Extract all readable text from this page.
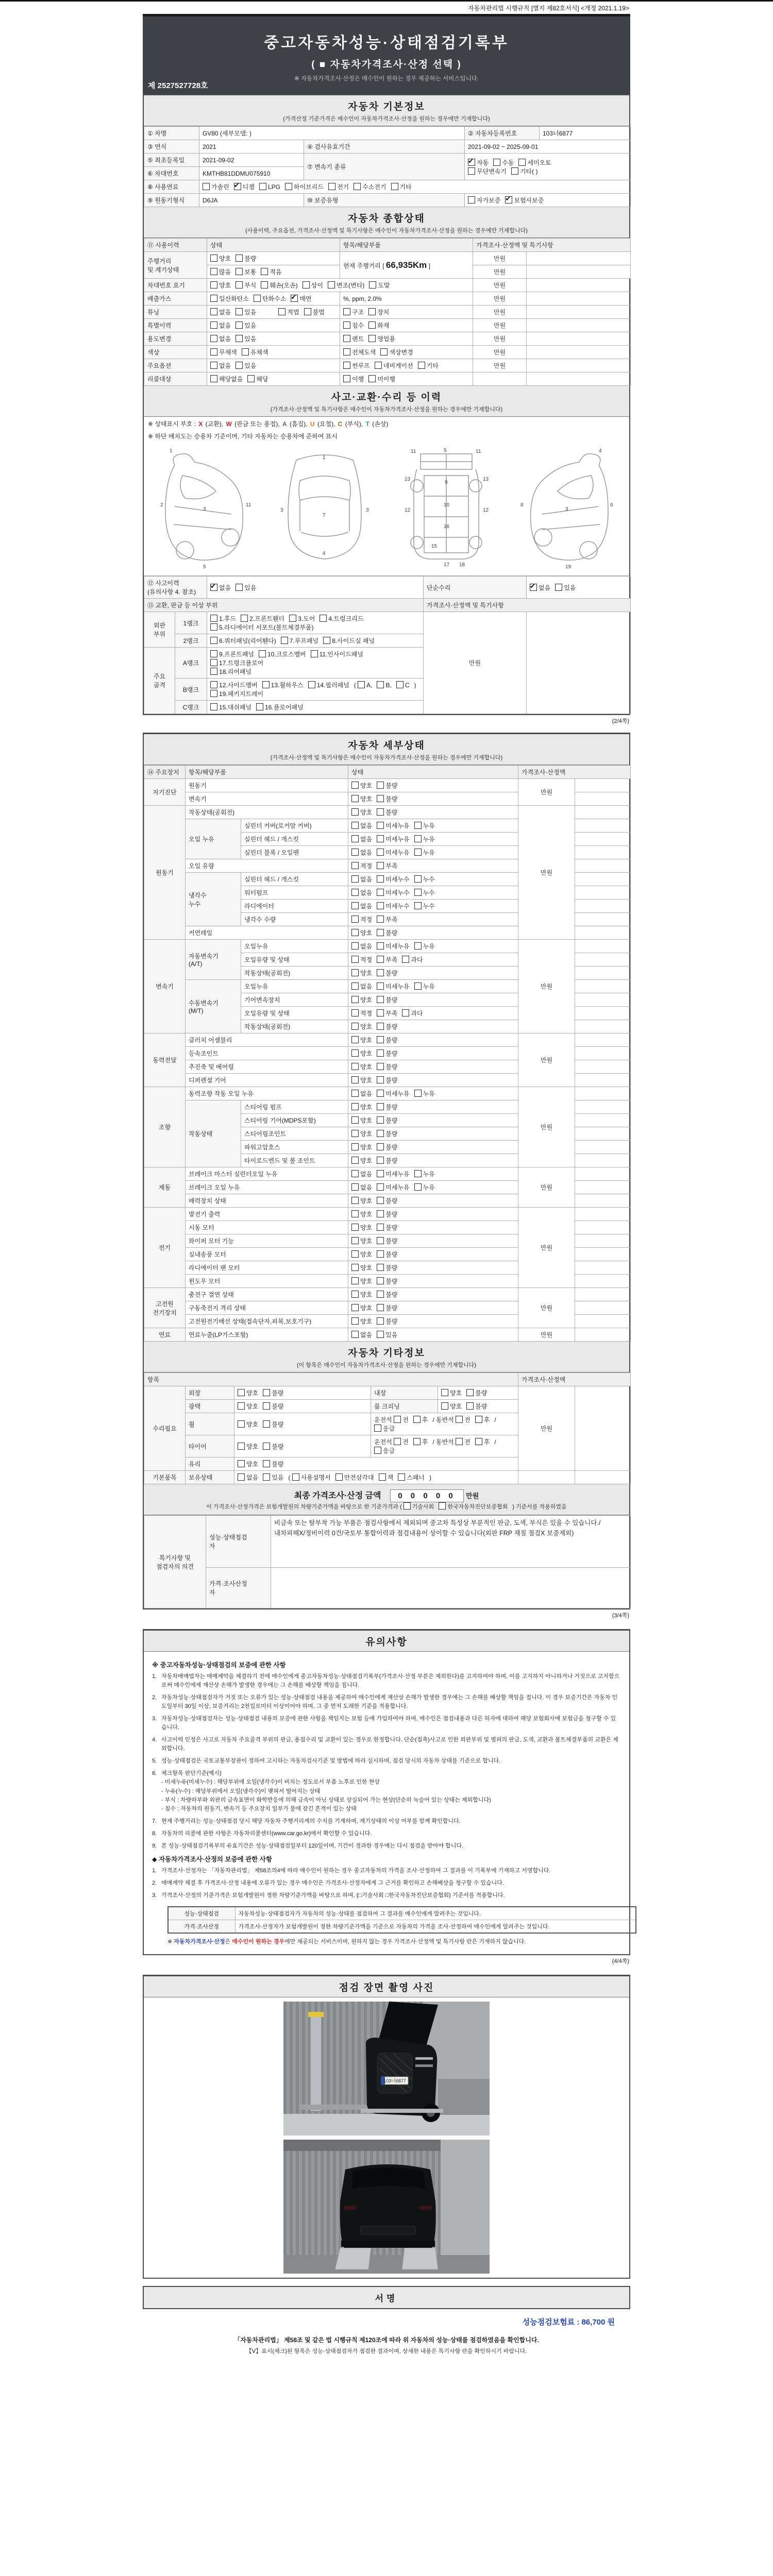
자동차관리법 시행규칙 [별지 제82호서식] <개정 2021.1.19>
중고자동차성능·상태점검기록부
( ■ 자동차가격조사·산정 선택 )
※ 자동차가격조사·산정은 매수인이 원하는 경우 제공하는 서비스입니다.
제 2527527728호
자동차 기본정보
(가격산정 기준가격은 매수인이 자동차가격조사·산정을 원하는 경우에만 기재합니다)
① 차명	GV80 (세부모델: )		② 자동차등록번호	103너6877
③ 연식	2021	④ 검사유효기간	2021-09-02 ~ 2025-09-01	
⑤ 최초등록일	2021-09-02	⑦ 변속기 종류	✔자동 수동 세미오토
무단변속기 기타( )
⑥ 차대번호	KMTHB81DDMU075910			
⑧ 사용연료	가솔린 ✔ 디젤 LPG 하이브리드 전기 수소전기 기타
⑨ 원동기형식	D6JA	⑩ 보증유형	자가보증 ✔ 보험사보증
자동차 종합상태
(사용이력, 주요옵션, 가격조사·산정액 및 특기사항은 매수인이 자동차가격조사·산정을 원하는 경우에만 기재합니다)
⑪ 사용이력	상태	항목/해당부품	가격조사·산정액 및 특기사항	
주행거리
및 계기상태	양호 불량	현재 주행거리 [ 66,935Km ]	만원	
	많음 보통 적음		만원	
차대번호 표기	양호 부식 훼손(오손) 상이 변조(변타) 도말		만원	
배출가스	일산화탄소 탄화수소 ✔ 매연	%, ppm, 2.0%	만원	
튜닝	없음 있음 적법 불법	구조 장치	만원	
특별이력	없음 있음	침수 화재	만원	
용도변경	없음 있음	렌트 영업용	만원	
색상	무채색 유채색	전체도색 색상변경	만원	
주요옵션	없음 있음	썬루프 네비게이션 기타	만원	
리콜대상	해당없음 해당	이행 미이행		
사고·교환·수리 등 이력
(가격조사·산정액 및 특기사항은 매수인이 자동차가격조사·산정을 원하는 경우에만 기재합니다)
※ 상태표시 부호 : X (교환), W (판금 또는 용접), A (흠집), U (요철), C (부식), T (손상)
※ 하단 배치도는 승용차 기준이며, 기타 자동차는 승용차에 준하여 표시
1
2
3
11
5
7
1
4
3	3
11	11
5
9
10
12	12
13	13
16
15
17 18
4
6
3
8
19
⑫ 사고이력 (유의사항 4. 참조)	✔없음 있음	단순수리	✔없음 있음
⑬ 교환, 판금 등 이상 부위			가격조사·산정액 및 특기사항	
외판
부위	1랭크	1.후드 2.프론트휀더 3.도어 4.트렁크리드
5.라디에이터 서포트(볼트체결부품)	만원	
	2랭크	6.쿼터패널(리어휀다) 7.루프패널 8.사이드실 패널		
주요
골격	A랭크	9.프론트패널 10.크로스멤버 11.인사이드패널17.트렁크플로어
18.리어패널		
	B랭크	12.사이드멤버 13.휠하우스 14.필러패널 ( A, B, C )
19.패키지트레이		
	C랭크	15.대쉬패널 16.플로어패널		
(2/4쪽)
자동차 세부상태
(가격조사·산정액 및 특기사항은 매수인이 자동차가격조사·산정을 원하는 경우에만 기재합니다)
⑭ 주요장치	항목/해당부품		상태	가격조사·산정액	
자기진단	원동기		양호 불량	만원	
	변속기		양호 불량		
원동기	작동상태(공회전)		양호 불량	만원	
	오일 누유	실린더 커버(로커암 커버)	없음 미세누유 누유		
		실린더 헤드 / 개스킷	없음 미세누유 누유		
		실린더 블록 / 오일팬	없음 미세누유 누유		
	오일 유량		적정 부족		
	냉각수
누수	실린더 헤드 / 개스킷	없음 미세누수 누수		
		워터펌프	없음 미세누수 누수		
		라디에이터	없음 미세누수 누수		
		냉각수 수량	적정 부족		
	커먼레일		양호 불량		
변속기	자동변속기
(A/T)	오일누유	없음 미세누유 누유	만원	
		오일유량 및 상태	적정 부족 과다		
		작동상태(공회전)	양호 불량		
	수동변속기
(M/T)	오일누유	없음 미세누유 누유		
		기어변속장치	양호 불량		
		오일유량 및 상태	적정 부족 과다		
		작동상태(공회전)	양호 불량		
동력전달	클러치 어셈블리		양호 불량	만원	
	등속조인트		양호 불량		
	추진축 및 베어링		양호 불량		
	디퍼렌셜 기어		양호 불량		
조향	동력조향 작동 오일 누유		없음 미세누유 누유	만원	
	작동상태	스티어링 펌프	양호 불량		
		스티어링 기어(MDPS포함)	양호 불량		
		스티어링조인트	양호 불량		
		파워고압호스	양호 불량		
		타이로드엔드 및 볼 조인트	양호 불량		
제동	브레이크 마스터 실린더오일 누유		없음 미세누유 누유	만원	
	브레이크 오일 누유		없음 미세누유 누유		
	배력장치 상태		양호 불량		
전기	발전기 출력		양호 불량	만원	
	시동 모터		양호 불량		
	와이퍼 모터 기능		양호 불량		
	실내송풍 모터		양호 불량		
	라디에이터 팬 모터		양호 불량		
	윈도우 모터		양호 불량		
고전원
전기장치	충전구 절연 상태		양호 불량	만원	
	구동축전지 격리 상태		양호 불량		
	고전원전기배선 상태(접속단자,피복,보호기구)		양호 불량		
연료	연료누출(LP가스포함)		없음 있음	만원	
자동차 기타정보
(이 항목은 매수인이 자동차가격조사·산정을 원하는 경우에만 기재합니다)
항목					가격조사·산정액	
수리필요	외장	양호 불량	내장	양호 불량	만원	
	광택	양호 불량	룸 크리닝	양호 불량		
	휠	양호 불량	운전석 전 후 / 동반석 전 후 / 응급			
	타이어	양호 불량	운전석 전 후 / 동반석 전 후 / 응급			
	유리	양호 불량				
기본품목	보유상태	없음 있음 ( 사용설명서 안전삼각대 잭 스패너 )				
최종 가격조사·산정 금액 0 0 0 0 0 만원
이 가격조사·산정가격은 보험개발원의 차량기준가액을 바탕으로 한 기준가격과 ( 기술사회 한국자동차진단보증협회 ) 기준서를 적용하였음
특기사항 및
점검자의 의견	성능·상태점검
자	비금속 또는 탈부착 가능 부품은 점검사항에서 제외되며 중고차 특성상 부분적인 판금, 도색, 부식은 있을 수 있습니다./내차피해X/정비이력 0건/국토부 통합이력과 점검내용이 상이할 수 있습니다(외판 FRP 재질 점검X 보증제외)
	가격·조사산정
자	
(3/4쪽)
유의사항
※ 중고자동차성능·상태점검의 보증에 관한 사항
1. 자동차매매업자는 매매계약을 체결하기 전에 매수인에게 중고자동차성능·상태점검기록부(가격조사·산정 부분은 제외한다)를 고지하여야 하며, 이를 고지하지 아니하거나 거짓으로 고지함으로써 매수인에게 재산상 손해가 발생한 경우에는 그 손해를 배상할 책임을 집니다.
2. 자동차성능·상태점검자가 거짓 또는 오류가 있는 성능·상태점검 내용을 제공하여 매수인에게 재산상 손해가 발생한 경우에는 그 손해를 배상할 책임을 집니다. 이 경우 보증기간은 자동차 인도일부터 30일 이상, 보증거리는 2천킬로미터 이상이어야 하며, 그 중 먼저 도래한 기준을 적용합니다.
3. 자동차성능·상태점검자는 성능·상태점검 내용의 보증에 관한 사항을 책임지는 보험 등에 가입하여야 하며, 매수인은 점검내용과 다른 하자에 대하여 해당 보험회사에 보험금을 청구할 수 있습니다.
4. 사고이력 인정은 사고로 자동차 주요골격 부위의 판금, 용접수리 및 교환이 있는 경우로 한정합니다. 단순(접촉)사고로 인한 외판부위 및 범퍼의 판금, 도색, 교환과 볼트체결부품의 교환은 제외합니다.
5. 성능·상태점검은 국토교통부장관이 정하여 고시하는 자동차검사기준 및 방법에 따라 실시하며, 점검 당시의 자동차 상태를 기준으로 합니다.
6. 체크항목 판단기준(예시)
- 미세누유(미세누수) : 해당부위에 오일(냉각수)이 비치는 정도로서 부품 노후로 인한 현상
- 누유(누수) : 해당부위에서 오일(냉각수)이 맺혀서 떨어지는 상태
- 부식 : 차량하부와 외판의 금속표면이 화학반응에 의해 금속이 아닌 상태로 상실되어 가는 현상(단순히 녹슬어 있는 상태는 제외합니다)
- 침수 : 자동차의 원동기, 변속기 등 주요장치 일부가 물에 잠긴 흔적이 있는 상태
7. 현재 주행거리는 성능·상태점검 당시 해당 자동차 주행거리계의 수치를 기재하며, 계기상태의 이상 여부를 함께 확인합니다.
8. 자동차의 리콜에 관한 사항은 자동차리콜센터(www.car.go.kr)에서 확인할 수 있습니다.
9. 본 성능·상태점검기록부의 유효기간은 성능·상태점검일부터 120일이며, 기간이 경과한 경우에는 다시 점검을 받아야 합니다.
◆ 자동차가격조사·산정의 보증에 관한 사항
1. 가격조사·산정자는 「자동차관리법」 제58조의4에 따라 매수인이 원하는 경우 중고자동차의 가격을 조사·산정하여 그 결과를 이 기록부에 기재하고 서명합니다.
2. 매매계약 체결 후 가격조사·산정 내용에 오류가 있는 경우 매수인은 가격조사·산정자에게 그 근거를 확인하고 손해배상을 청구할 수 있습니다.
3. 가격조사·산정의 기준가격은 보험개발원이 정한 차량기준가액을 바탕으로 하며, (□기술사회 □한국자동차진단보증협회) 기준서를 적용합니다.
성능·상태점검	자동차성능·상태점검자가 자동차의 성능·상태를 점검하여 그 결과를 매수인에게 알려주는 것입니다.
가격·조사산정	가격조사·산정자가 보험개발원이 정한 차량기준가액을 기준으로 자동차의 가격을 조사·산정하여 매수인에게 알려주는 것입니다.
※ 자동차가격조사·산정은 매수인이 원하는 경우에만 제공되는 서비스이며, 원하지 않는 경우 가격조사·산정액 및 특기사항 란은 기재하지 않습니다.
(4/4쪽)
점검 장면 촬영 사진
103너6877
서명
성능점검보험료 : 86,700 원
「자동차관리법」 제58조 및 같은 법 시행규칙 제120조에 따라 위 자동차의 성능·상태를 점검하였음을 확인합니다.
【Ⅴ】표시(체크)된 항목은 성능·상태점검자가 점검한 결과이며, 상세한 내용은 특기사항 란을 확인하시기 바랍니다.
